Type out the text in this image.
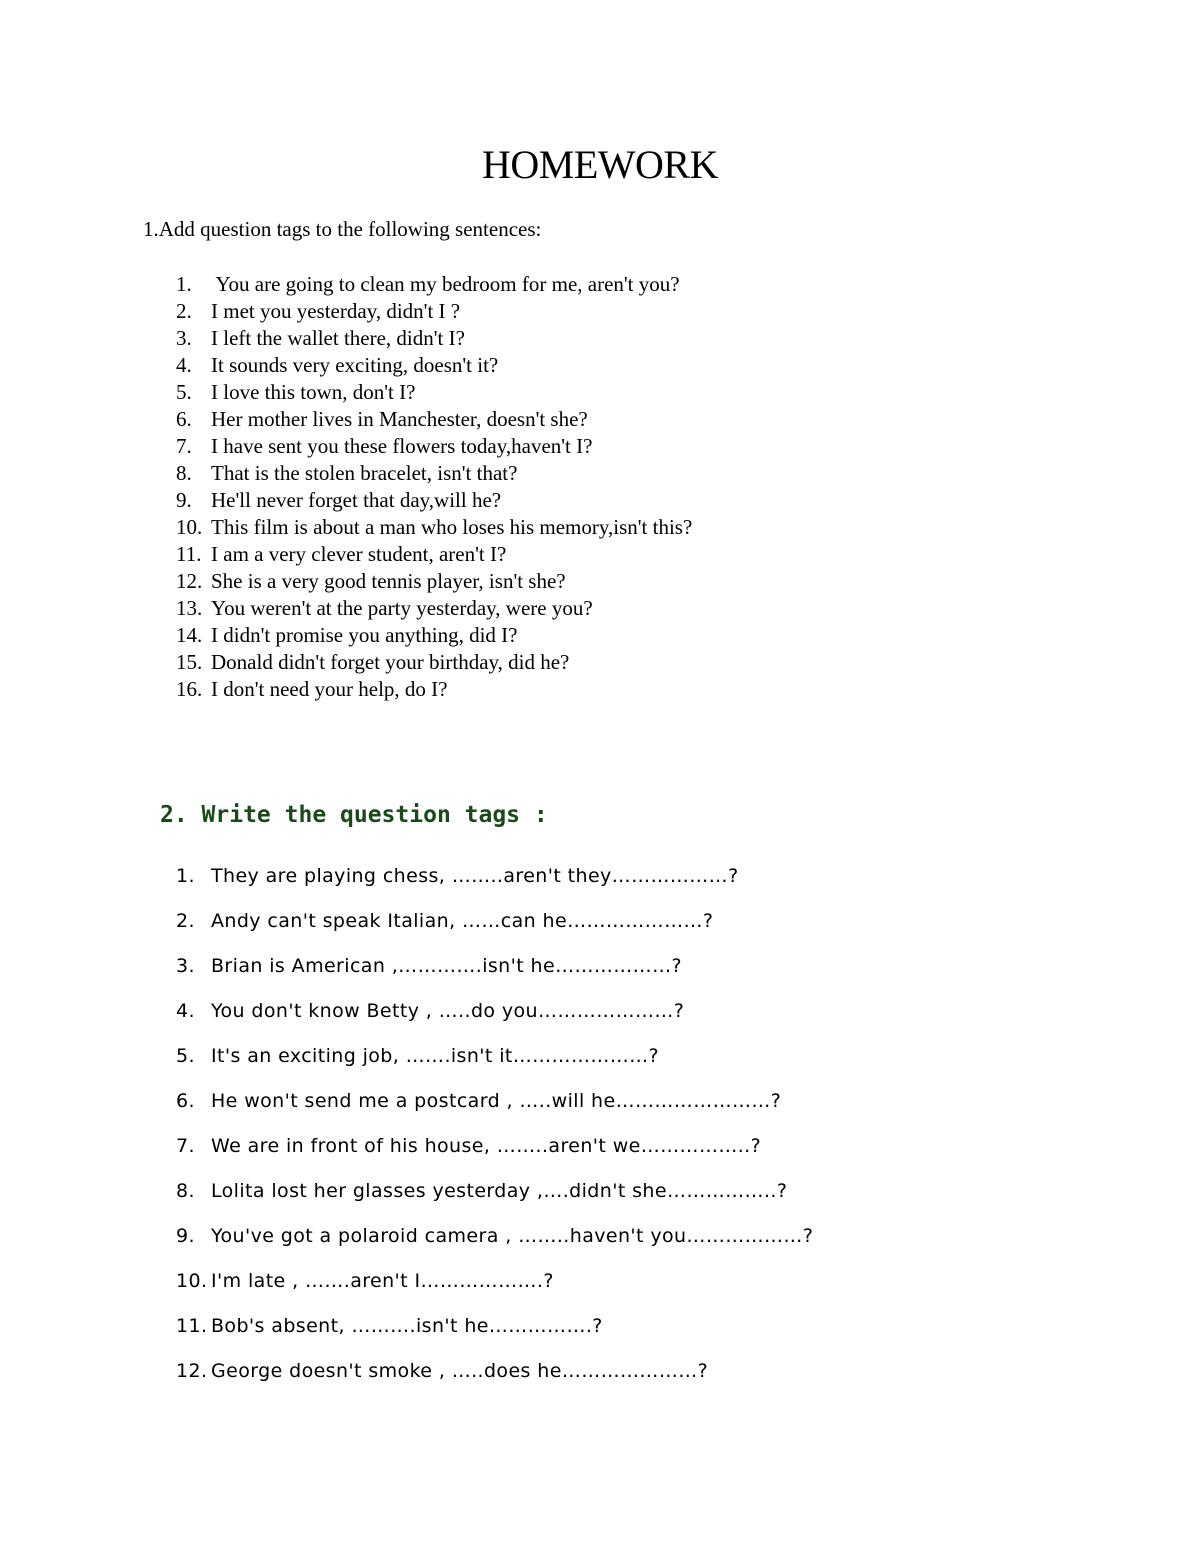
HOMEWORK
1.Add question tags to the following sentences:
1. You are going to clean my bedroom for me, aren't you?
2. I met you yesterday, didn't I ?
3. I left the wallet there, didn't I?
4. It sounds very exciting, doesn't it?
5. I love this town, don't I?
6. Her mother lives in Manchester, doesn't she?
7. I have sent you these flowers today,haven't I?
8. That is the stolen bracelet, isn't that?
9. He'll never forget that day,will he?
10. This film is about a man who loses his memory,isn't this?
11. I am a very clever student, aren't I?
12. She is a very good tennis player, isn't she?
13. You weren't at the party yesterday, were you?
14. I didn't promise you anything, did I?
15. Donald didn't forget your birthday, did he?
16. I don't need your help, do I?
2. Write the question tags :
1. They are playing chess, ……..aren't they………………?
2. Andy can't speak Italian, ……can he…………………?
3. Brian is American ,………….isn't he………………?
4. You don't know Betty , …..do you…………………?
5. It's an exciting job, …….isn't it…………………?
6. He won't send me a postcard , …..will he……………………?
7. We are in front of his house, ……..aren't we……………..?
8. Lolita lost her glasses yesterday ,….didn't she……………..?
9. You've got a polaroid camera , ……..haven't you………………?
10. I'm late , …….aren't I……………….?
11. Bob's absent, ……….isn't he…………….?
12. George doesn't smoke , …..does he…………………?
